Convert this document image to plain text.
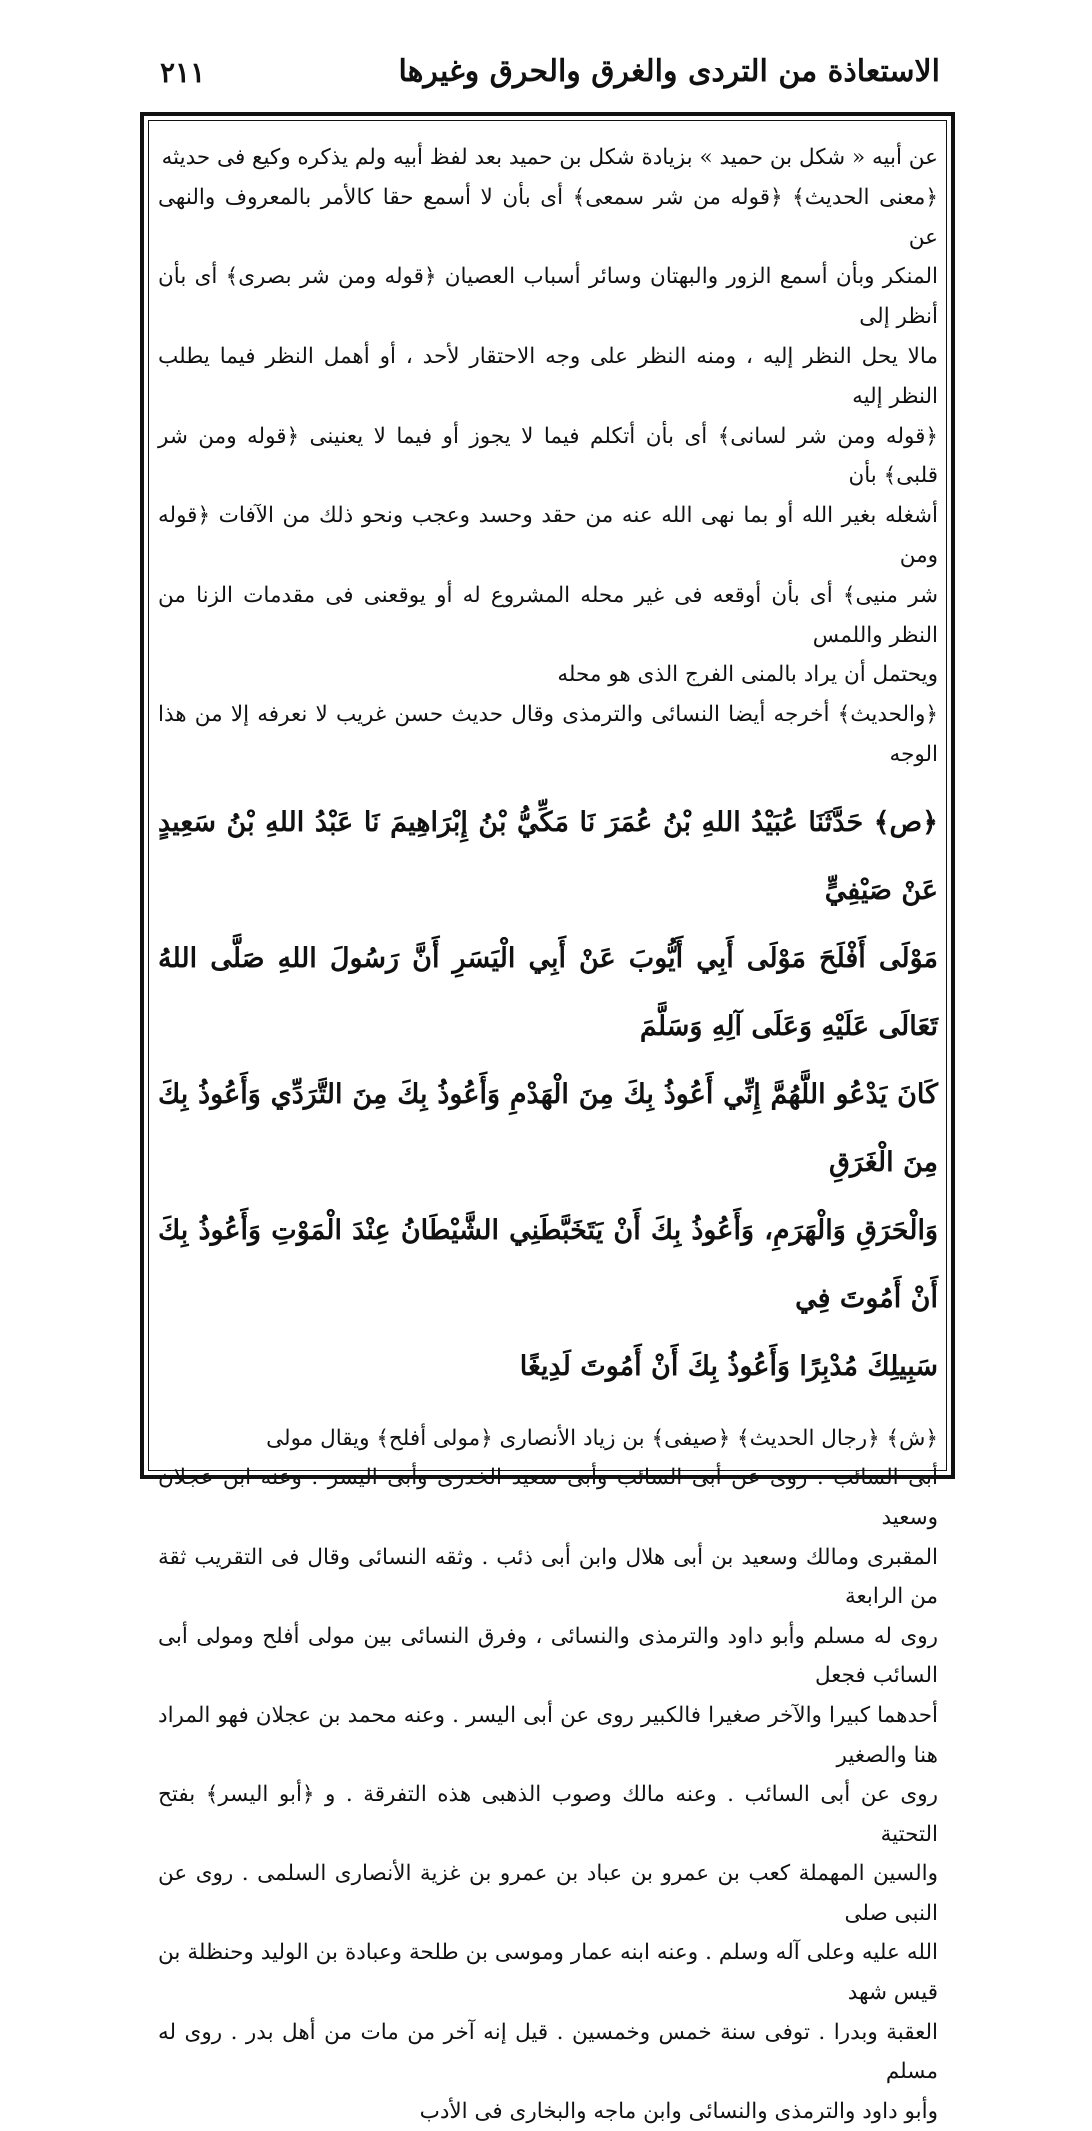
الاستعاذة من التردى والغرق والحرق وغيرها
٢١١

عن أبيه « شكل بن حميد » بزيادة شكل بن حميد بعد لفظ أبيه ولم يذكره وكيع فى حديثه

﴿معنى الحديث﴾ ﴿قوله من شر سمعى﴾ أى بأن لا أسمع حقا كالأمر بالمعروف والنهى عن

المنكر وبأن أسمع الزور والبهتان وسائر أسباب العصيان ﴿قوله ومن شر بصرى﴾ أى بأن أنظر إلى

مالا يحل النظر إليه ، ومنه النظر على وجه الاحتقار لأحد ، أو أهمل النظر فيما يطلب النظر إليه

﴿قوله ومن شر لسانى﴾ أى بأن أتكلم فيما لا يجوز أو فيما لا يعنينى ﴿قوله ومن شر قلبى﴾ بأن

أشغله بغير الله أو بما نهى الله عنه من حقد وحسد وعجب ونحو ذلك من الآفات ﴿قوله ومن

شر منيى﴾ أى بأن أوقعه فى غير محله المشروع له أو يوقعنى فى مقدمات الزنا من النظر واللمس

ويحتمل أن يراد بالمنى الفرج الذى هو محله

﴿والحديث﴾ أخرجه أيضا النسائى والترمذى وقال حديث حسن غريب لا نعرفه إلا من هذا الوجه

﴿ص﴾ حَدَّثَنَا عُبَيْدُ اللهِ بْنُ عُمَرَ نَا مَكِّيُّ بْنُ إِبْرَاهِيمَ نَا عَبْدُ اللهِ بْنُ سَعِيدٍ عَنْ صَيْفِيٍّ

مَوْلَى أَفْلَحَ مَوْلَى أَبِي أَيُّوبَ عَنْ أَبِي الْيَسَرِ أَنَّ رَسُولَ اللهِ صَلَّى اللهُ تَعَالَى عَلَيْهِ وَعَلَى آلِهِ وَسَلَّمَ

كَانَ يَدْعُو اللَّهُمَّ إِنِّي أَعُوذُ بِكَ مِنَ الْهَدْمِ وَأَعُوذُ بِكَ مِنَ التَّرَدِّي وَأَعُوذُ بِكَ مِنَ الْغَرَقِ

وَالْحَرَقِ وَالْهَرَمِ، وَأَعُوذُ بِكَ أَنْ يَتَخَبَّطَنِي الشَّيْطَانُ عِنْدَ الْمَوْتِ وَأَعُوذُ بِكَ أَنْ أَمُوتَ فِي

سَبِيلِكَ مُدْبِرًا وَأَعُوذُ بِكَ أَنْ أَمُوتَ لَدِيغًا

﴿ش﴾ ﴿رجال الحديث﴾ ﴿صيفى﴾ بن زياد الأنصارى ﴿مولى أفلح﴾ ويقال مولى

أبى السائب . روى عن أبى السائب وأبى سعيد الخدرى وأبى اليسر . وعنه ابن عجلان وسعيد

المقبرى ومالك وسعيد بن أبى هلال وابن أبى ذئب . وثقه النسائى وقال فى التقريب ثقة من الرابعة

روى له مسلم وأبو داود والترمذى والنسائى ، وفرق النسائى بين مولى أفلح ومولى أبى السائب فجعل

أحدهما كبيرا والآخر صغيرا فالكبير روى عن أبى اليسر . وعنه محمد بن عجلان فهو المراد هنا والصغير

روى عن أبى السائب . وعنه مالك وصوب الذهبى هذه التفرقة . و ﴿أبو اليسر﴾ بفتح التحتية

والسين المهملة كعب بن عمرو بن عباد بن عمرو بن غزية الأنصارى السلمى . روى عن النبى صلى

الله عليه وعلى آله وسلم . وعنه ابنه عمار وموسى بن طلحة وعبادة بن الوليد وحنظلة بن قيس شهد

العقبة وبدرا . توفى سنة خمس وخمسين . قيل إنه آخر من مات من أهل بدر . روى له مسلم

وأبو داود والترمذى والنسائى وابن ماجه والبخارى فى الأدب
